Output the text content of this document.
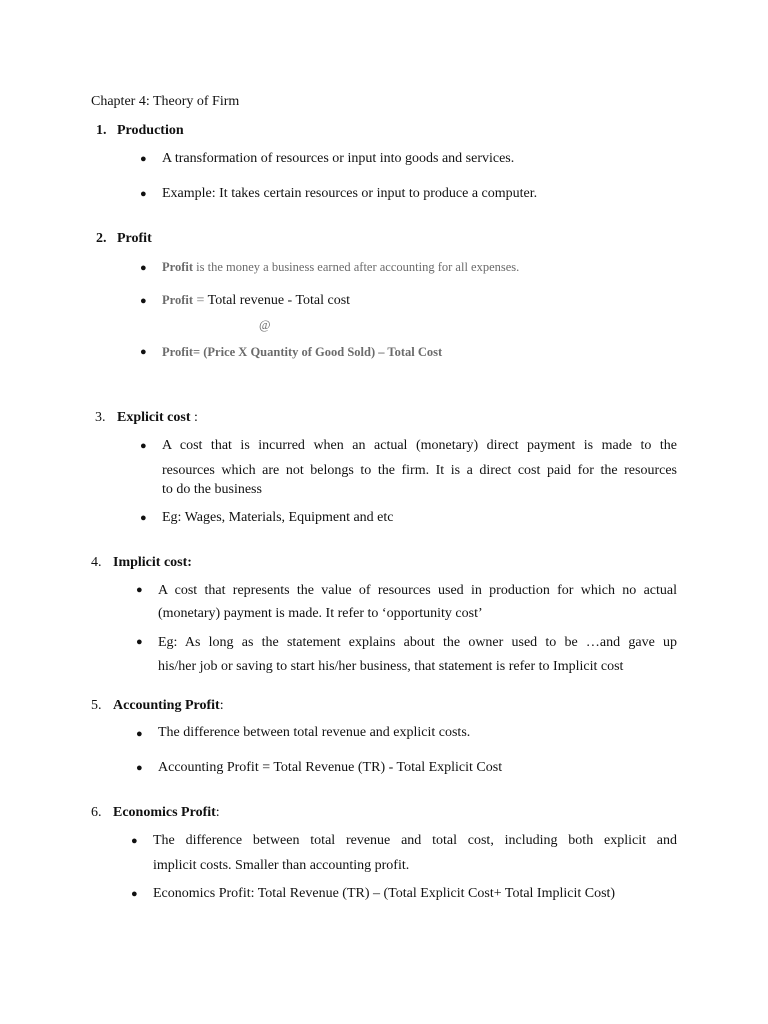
Chapter 4: Theory of Firm
1. Production
● A transformation of resources or input into goods and services.
● Example: It takes certain resources or input to produce a computer.
2. Profit
● Profit is the money a business earned after accounting for all expenses.
● Profit = Total revenue - Total cost
@
● Profit= (Price X Quantity of Good Sold) – Total Cost
3. Explicit cost :
● A cost that is incurred when an actual (monetary) direct payment is made to the
resources which are not belongs to the firm. It is a direct cost paid for the resources
to do the business
● Eg: Wages, Materials, Equipment and etc
4. Implicit cost:
● A cost that represents the value of resources used in production for which no actual
(monetary) payment is made. It refer to ‘opportunity cost’
● Eg: As long as the statement explains about the owner used to be …and gave up
his/her job or saving to start his/her business, that statement is refer to Implicit cost
5. Accounting Profit:
● The difference between total revenue and explicit costs.
● Accounting Profit = Total Revenue (TR) - Total Explicit Cost
6. Economics Profit:
● The difference between total revenue and total cost, including both explicit and
implicit costs. Smaller than accounting profit.
● Economics Profit: Total Revenue (TR) – (Total Explicit Cost+ Total Implicit Cost)
